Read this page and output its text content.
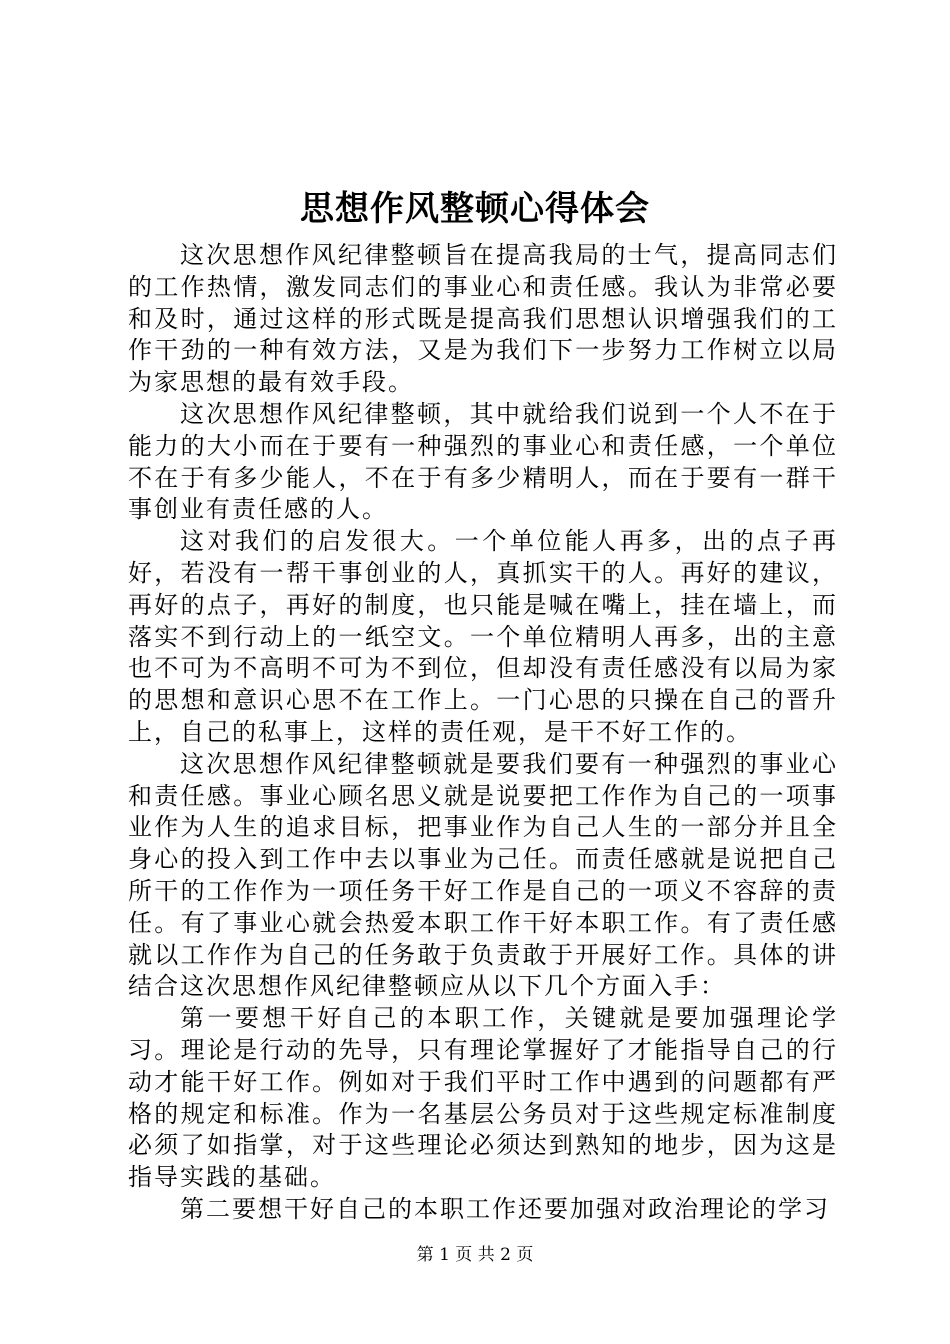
思想作风整顿心得体会

这次思想作风纪律整顿旨在提高我局的士气，提高同志们的工作热情，激发同志们的事业心和责任感。我认为非常必要和及时，通过这样的形式既是提高我们思想认识增强我们的工作干劲的一种有效方法，又是为我们下一步努力工作树立以局为家思想的最有效手段。

这次思想作风纪律整顿，其中就给我们说到一个人不在于能力的大小而在于要有一种强烈的事业心和责任感，一个单位不在于有多少能人，不在于有多少精明人，而在于要有一群干事创业有责任感的人。

这对我们的启发很大。一个单位能人再多，出的点子再好，若没有一帮干事创业的人，真抓实干的人。再好的建议，再好的点子，再好的制度，也只能是喊在嘴上，挂在墙上，而落实不到行动上的一纸空文。一个单位精明人再多，出的主意也不可为不高明不可为不到位，但却没有责任感没有以局为家的思想和意识心思不在工作上。一门心思的只操在自己的晋升上，自己的私事上，这样的责任观，是干不好工作的。

这次思想作风纪律整顿就是要我们要有一种强烈的事业心和责任感。事业心顾名思义就是说要把工作作为自己的一项事业作为人生的追求目标，把事业作为自己人生的一部分并且全身心的投入到工作中去以事业为己任。而责任感就是说把自己所干的工作作为一项任务干好工作是自己的一项义不容辞的责任。有了事业心就会热爱本职工作干好本职工作。有了责任感就以工作作为自己的任务敢于负责敢于开展好工作。具体的讲结合这次思想作风纪律整顿应从以下几个方面入手：

第一要想干好自己的本职工作，关键就是要加强理论学习。理论是行动的先导，只有理论掌握好了才能指导自己的行动才能干好工作。例如对于我们平时工作中遇到的问题都有严格的规定和标准。作为一名基层公务员对于这些规定标准制度必须了如指掌，对于这些理论必须达到熟知的地步，因为这是指导实践的基础。

第二要想干好自己的本职工作还要加强对政治理论的学习

第 1 页 共 2 页
